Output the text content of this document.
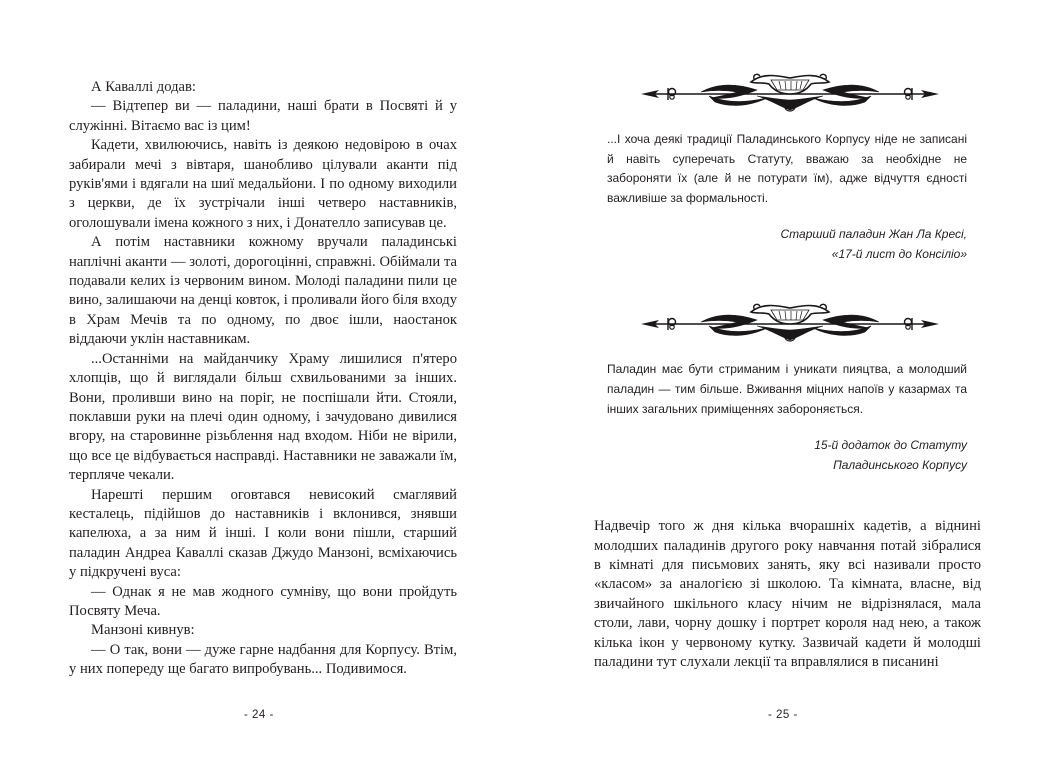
А Каваллі додав:

— Відтепер ви — паладини, наші брати в Посвяті й у служінні. Вітаємо вас із цим!

Кадети, хвилюючись, навіть із деякою недовірою в очах забирали мечі з вівтаря, шанобливо цілували аканти під руків'ями і вдягали на шиї медальйони. І по одному виходили з церкви, де їх зустрічали інші четверо наставників, оголошували імена кожного з них, і Донателло записував це.

А потім наставники кожному вручали паладинські наплічні аканти — золоті, дорогоцінні, справжні. Обіймали та подавали келих із червоним вином. Молоді паладини пили це вино, залишаючи на денці ковток, і проливали його біля входу в Храм Мечів та по одному, по двоє ішли, наостанок віддаючи уклін наставникам.

...Останніми на майданчику Храму лишилися п'ятеро хлопців, що й виглядали більш схвильованими за інших. Вони, проливши вино на поріг, не поспішали йти. Стояли, поклавши руки на плечі один одному, і зачудовано дивилися вгору, на старовинне різьблення над входом. Ніби не вірили, що все це відбувається насправді. Наставники не заважали їм, терпляче чекали.

Нарешті першим оговтався невисокий смаглявий кесталець, підійшов до наставників і вклонився, знявши капелюха, а за ним й інші. І коли вони пішли, старший паладин Андреа Каваллі сказав Джудо Манзоні, всміхаючись у підкручені вуса:

— Однак я не мав жодного сумніву, що вони пройдуть Посвяту Меча.

Манзоні кивнув:

— О так, вони — дуже гарне надбання для Корпусу. Втім, у них попереду ще багато випробувань... Подивимося.

- 24 -

...І хоча деякі традиції Паладинського Корпусу ніде не записані й навіть суперечать Статуту, вважаю за необхідне не забороняти їх (але й не потурати їм), адже відчуття єдності важливіше за формальності.

Старший паладин Жан Ла Кресі,
«17-й лист до Консіліо»

Паладин має бути стриманим і уникати пияцтва, а молодший паладин — тим більше. Вживання міцних напоїв у казармах та інших загальних приміщеннях забороняється.

15-й додаток до Статуту
Паладинського Корпусу

Надвечір того ж дня кілька вчорашніх кадетів, а віднині молодших паладинів другого року навчання потай зібралися в кімнаті для письмових занять, яку всі називали просто «класом» за аналогією зі школою. Та кімната, власне, від звичайного шкільного класу нічим не відрізнялася, мала столи, лави, чорну дошку і портрет короля над нею, а також кілька ікон у червоному кутку. Зазвичай кадети й молодші паладини тут слухали лекції та вправлялися в писанині

- 25 -
